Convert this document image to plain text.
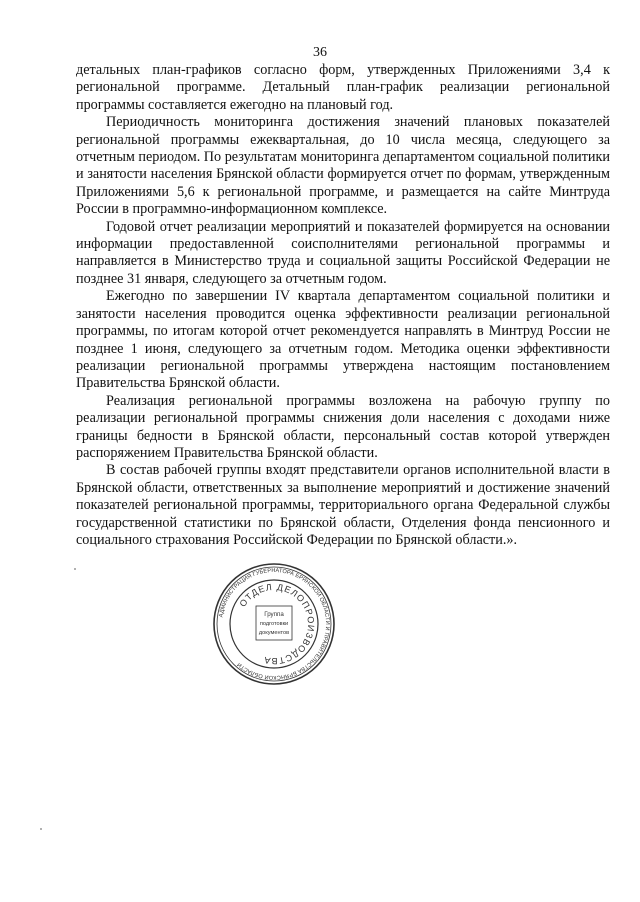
36

детальных план-графиков согласно форм, утвержденных Приложениями 3,4 к региональной программе. Детальный план-график реализации региональной программы составляется ежегодно на плановый год.

Периодичность мониторинга достижения значений плановых показателей региональной программы ежеквартальная, до 10 числа месяца, следующего за отчетным периодом. По результатам мониторинга департаментом социальной политики и занятости населения Брянской области формируется отчет по формам, утвержденным Приложениями 5,6 к региональной программе, и размещается на сайте Минтруда России в программно-информационном комплексе.

Годовой отчет реализации мероприятий и показателей формируется на основании информации предоставленной соисполнителями региональной программы и направляется в Министерство труда и социальной защиты Российской Федерации не позднее 31 января, следующего за отчетным годом.

Ежегодно по завершении IV квартала департаментом социальной политики и занятости населения проводится оценка эффективности реализации региональной программы, по итогам которой отчет рекомендуется направлять в Минтруд России не позднее 1 июня, следующего за отчетным годом. Методика оценки эффективности реализации региональной программы утверждена настоящим постановлением Правительства Брянской области.

Реализация региональной программы возложена на рабочую группу по реализации региональной программы снижения доли населения с доходами ниже границы бедности в Брянской области, персональный состав которой утвержден распоряжением Правительства Брянской области.

В состав рабочей группы входят представители органов исполнительной власти в Брянской области, ответственных за выполнение мероприятий и достижение значений показателей региональной программы, территориального органа Федеральной службы государственной статистики по Брянской области, Отделения фонда пенсионного и социального страхования Российской Федерации по Брянской области.».

АДМИНИСТРАЦИЯ ГУБЕРНАТОРА БРЯНСКОЙ ОБЛАСТИ И ПРАВИТЕЛЬСТВА БРЯНСКОЙ ОБЛАСТИ
ОТДЕЛ ДЕЛОПРОИЗВОДСТВА
Группа
подготовки
документов
